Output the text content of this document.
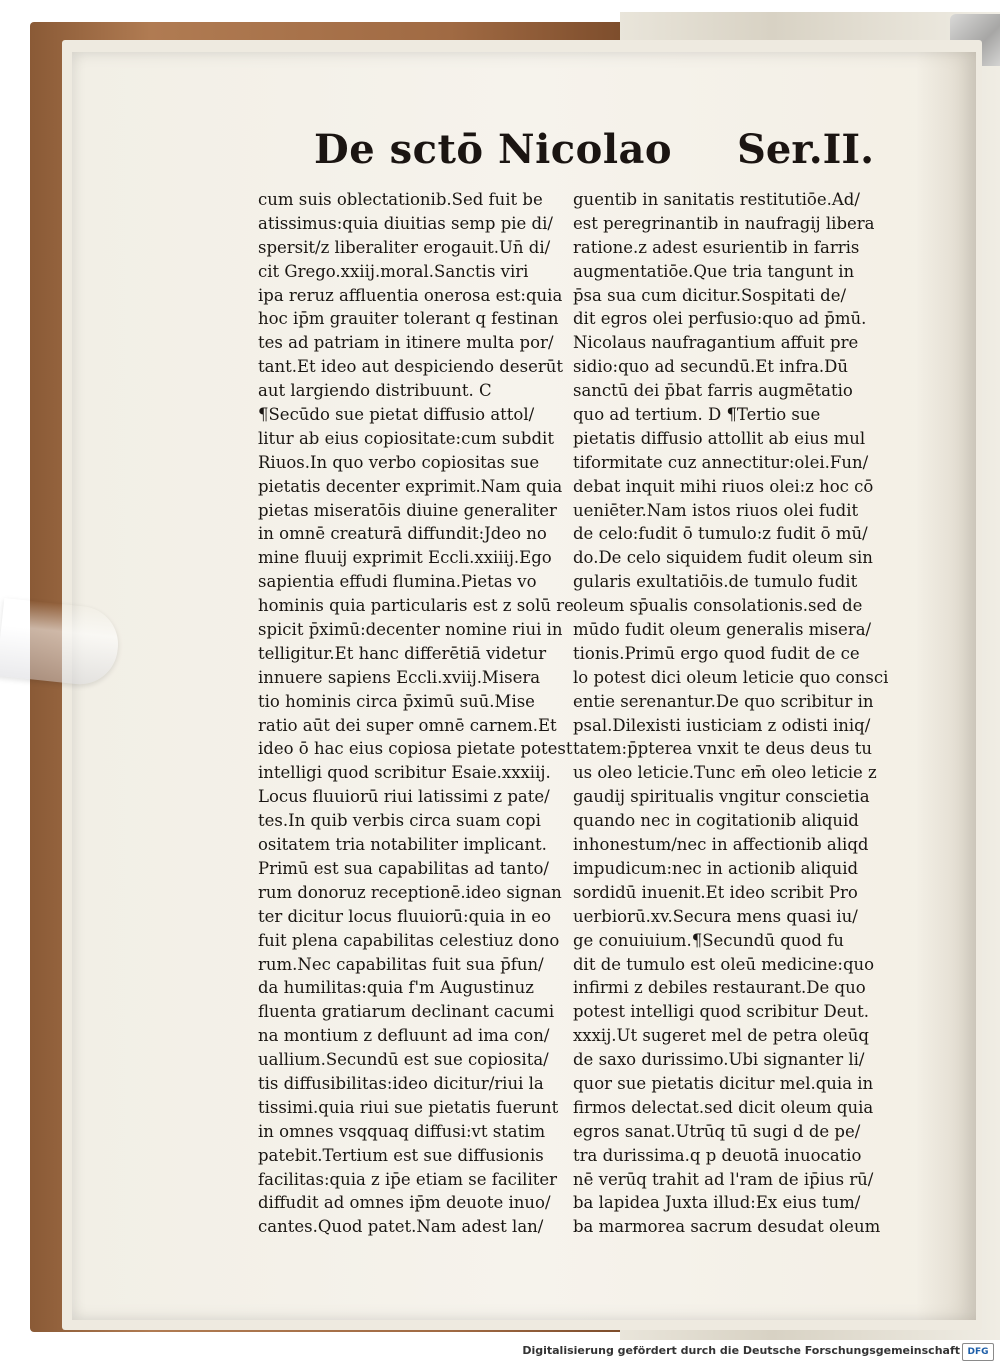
De sctō Nicolao Ser.II.
cum suis oblectationib.Sed fuit be
atissimus:quia diuitias semp pie di/
spersit/z liberaliter erogauit.Un̄ di/
cit Grego.xxiij.moral.Sanctis viri
ipa reruz affluentia onerosa est:quia
hoc ip̄m grauiter tolerant q festinan
tes ad patriam in itinere multa por/
tant.Et ideo aut despiciendo deserūt
aut largiendo distribuunt. C
¶Secūdo sue pietat diffusio attol/
litur ab eius copiositate:cum subdit
Riuos.In quo verbo copiositas sue
pietatis decenter exprimit.Nam quia
pietas miseratōis diuine generaliter
in omnē creaturā diffundit:Jdeo no
mine fluuij exprimit Eccli.xxiiij.Ego
sapientia effudi flumina.Pietas vo
hominis quia particularis est z solū re
spicit p̄ximū:decenter nomine riui in
telligitur.Et hanc differētiā videtur
innuere sapiens Eccli.xviij.Misera
tio hominis circa p̄ximū suū.Mise
ratio aūt dei super omnē carnem.Et
ideo ō hac eius copiosa pietate potest
intelligi quod scribitur Esaie.xxxiij.
Locus fluuiorū riui latissimi z pate/
tes.In quib verbis circa suam copi
ositatem tria notabiliter implicant.
Primū est sua capabilitas ad tanto/
rum donoruz receptionē.ideo signan
ter dicitur locus fluuiorū:quia in eo
fuit plena capabilitas celestiuz dono
rum.Nec capabilitas fuit sua p̄fun/
da humilitas:quia f'm Augustinuz
fluenta gratiarum declinant cacumi
na montium z defluunt ad ima con/
uallium.Secundū est sue copiosita/
tis diffusibilitas:ideo dicitur/riui la
tissimi.quia riui sue pietatis fuerunt
in omnes vsqquaq diffusi:vt statim
patebit.Tertium est sue diffusionis
facilitas:quia z ip̄e etiam se faciliter
diffudit ad omnes ip̄m deuote inuo/
cantes.Quod patet.Nam adest lan/
guentib in sanitatis restitutiōe.Ad/
est peregrinantib in naufragij libera
ratione.z adest esurientib in farris
augmentatiōe.Que tria tangunt in
p̄sa sua cum dicitur.Sospitati de/
dit egros olei perfusio:quo ad p̄mū.
Nicolaus naufragantium affuit pre
sidio:quo ad secundū.Et infra.Dū
sanctū dei p̄bat farris augmētatio
quo ad tertium. D ¶Tertio sue
pietatis diffusio attollit ab eius mul
tiformitate cuz annectitur:olei.Fun/
debat inquit mihi riuos olei:z hoc cō
ueniēter.Nam istos riuos olei fudit
de celo:fudit ō tumulo:z fudit ō mū/
do.De celo siquidem fudit oleum sin
gularis exultatiōis.de tumulo fudit
oleum sp̄ualis consolationis.sed de
mūdo fudit oleum generalis misera/
tionis.Primū ergo quod fudit de ce
lo potest dici oleum leticie quo consci
entie serenantur.De quo scribitur in
psal.Dilexisti iusticiam z odisti iniq/
tatem:p̄pterea vnxit te deus deus tu
us oleo leticie.Tunc em̄ oleo leticie z
gaudij spiritualis vngitur conscietia
quando nec in cogitationib aliquid
inhonestum/nec in affectionib aliqd
impudicum:nec in actionib aliquid
sordidū inuenit.Et ideo scribit Pro
uerbiorū.xv.Secura mens quasi iu/
ge conuiuium.¶Secundū quod fu
dit de tumulo est oleū medicine:quo
infirmi z debiles restaurant.De quo
potest intelligi quod scribitur Deut.
xxxij.Ut sugeret mel de petra oleūq
de saxo durissimo.Ubi signanter li/
quor sue pietatis dicitur mel.quia in
firmos delectat.sed dicit oleum quia
egros sanat.Utrūq tū sugi d de pe/
tra durissima.q p deuotā inuocatio
nē verūq trahit ad l'ram de ip̄ius rū/
ba lapidea Juxta illud:Ex eius tum/
ba marmorea sacrum desudat oleum
Digitalisierung gefördert durch die Deutsche Forschungsgemeinschaft DFG
